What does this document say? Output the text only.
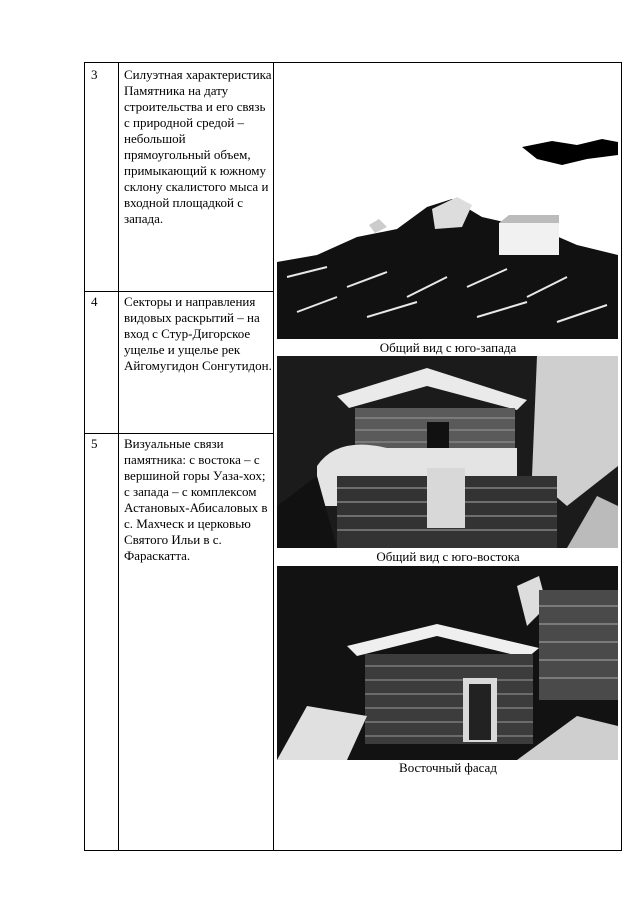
3 Силуэтная характеристика Памятника на дату строительства и его связь с природной средой – небольшой прямоугольный объем, примыкающий к южному склону скалистого мыса и входной площадкой с запада.
4 Секторы и направления видовых раскрытий – на вход с Стур-Дигорское ущелье и ущелье рек Айгомугидон Сонгутидон.
5 Визуальные связи памятника: с востока – с вершиной горы Уаза-хох; с запада – с комплексом Астановых-Абисаловых в с. Махческ и церковью Святого Ильи в с. Фараскатта.
Общий вид с юго-запада
Общий вид с юго-востока
Восточный фасад
